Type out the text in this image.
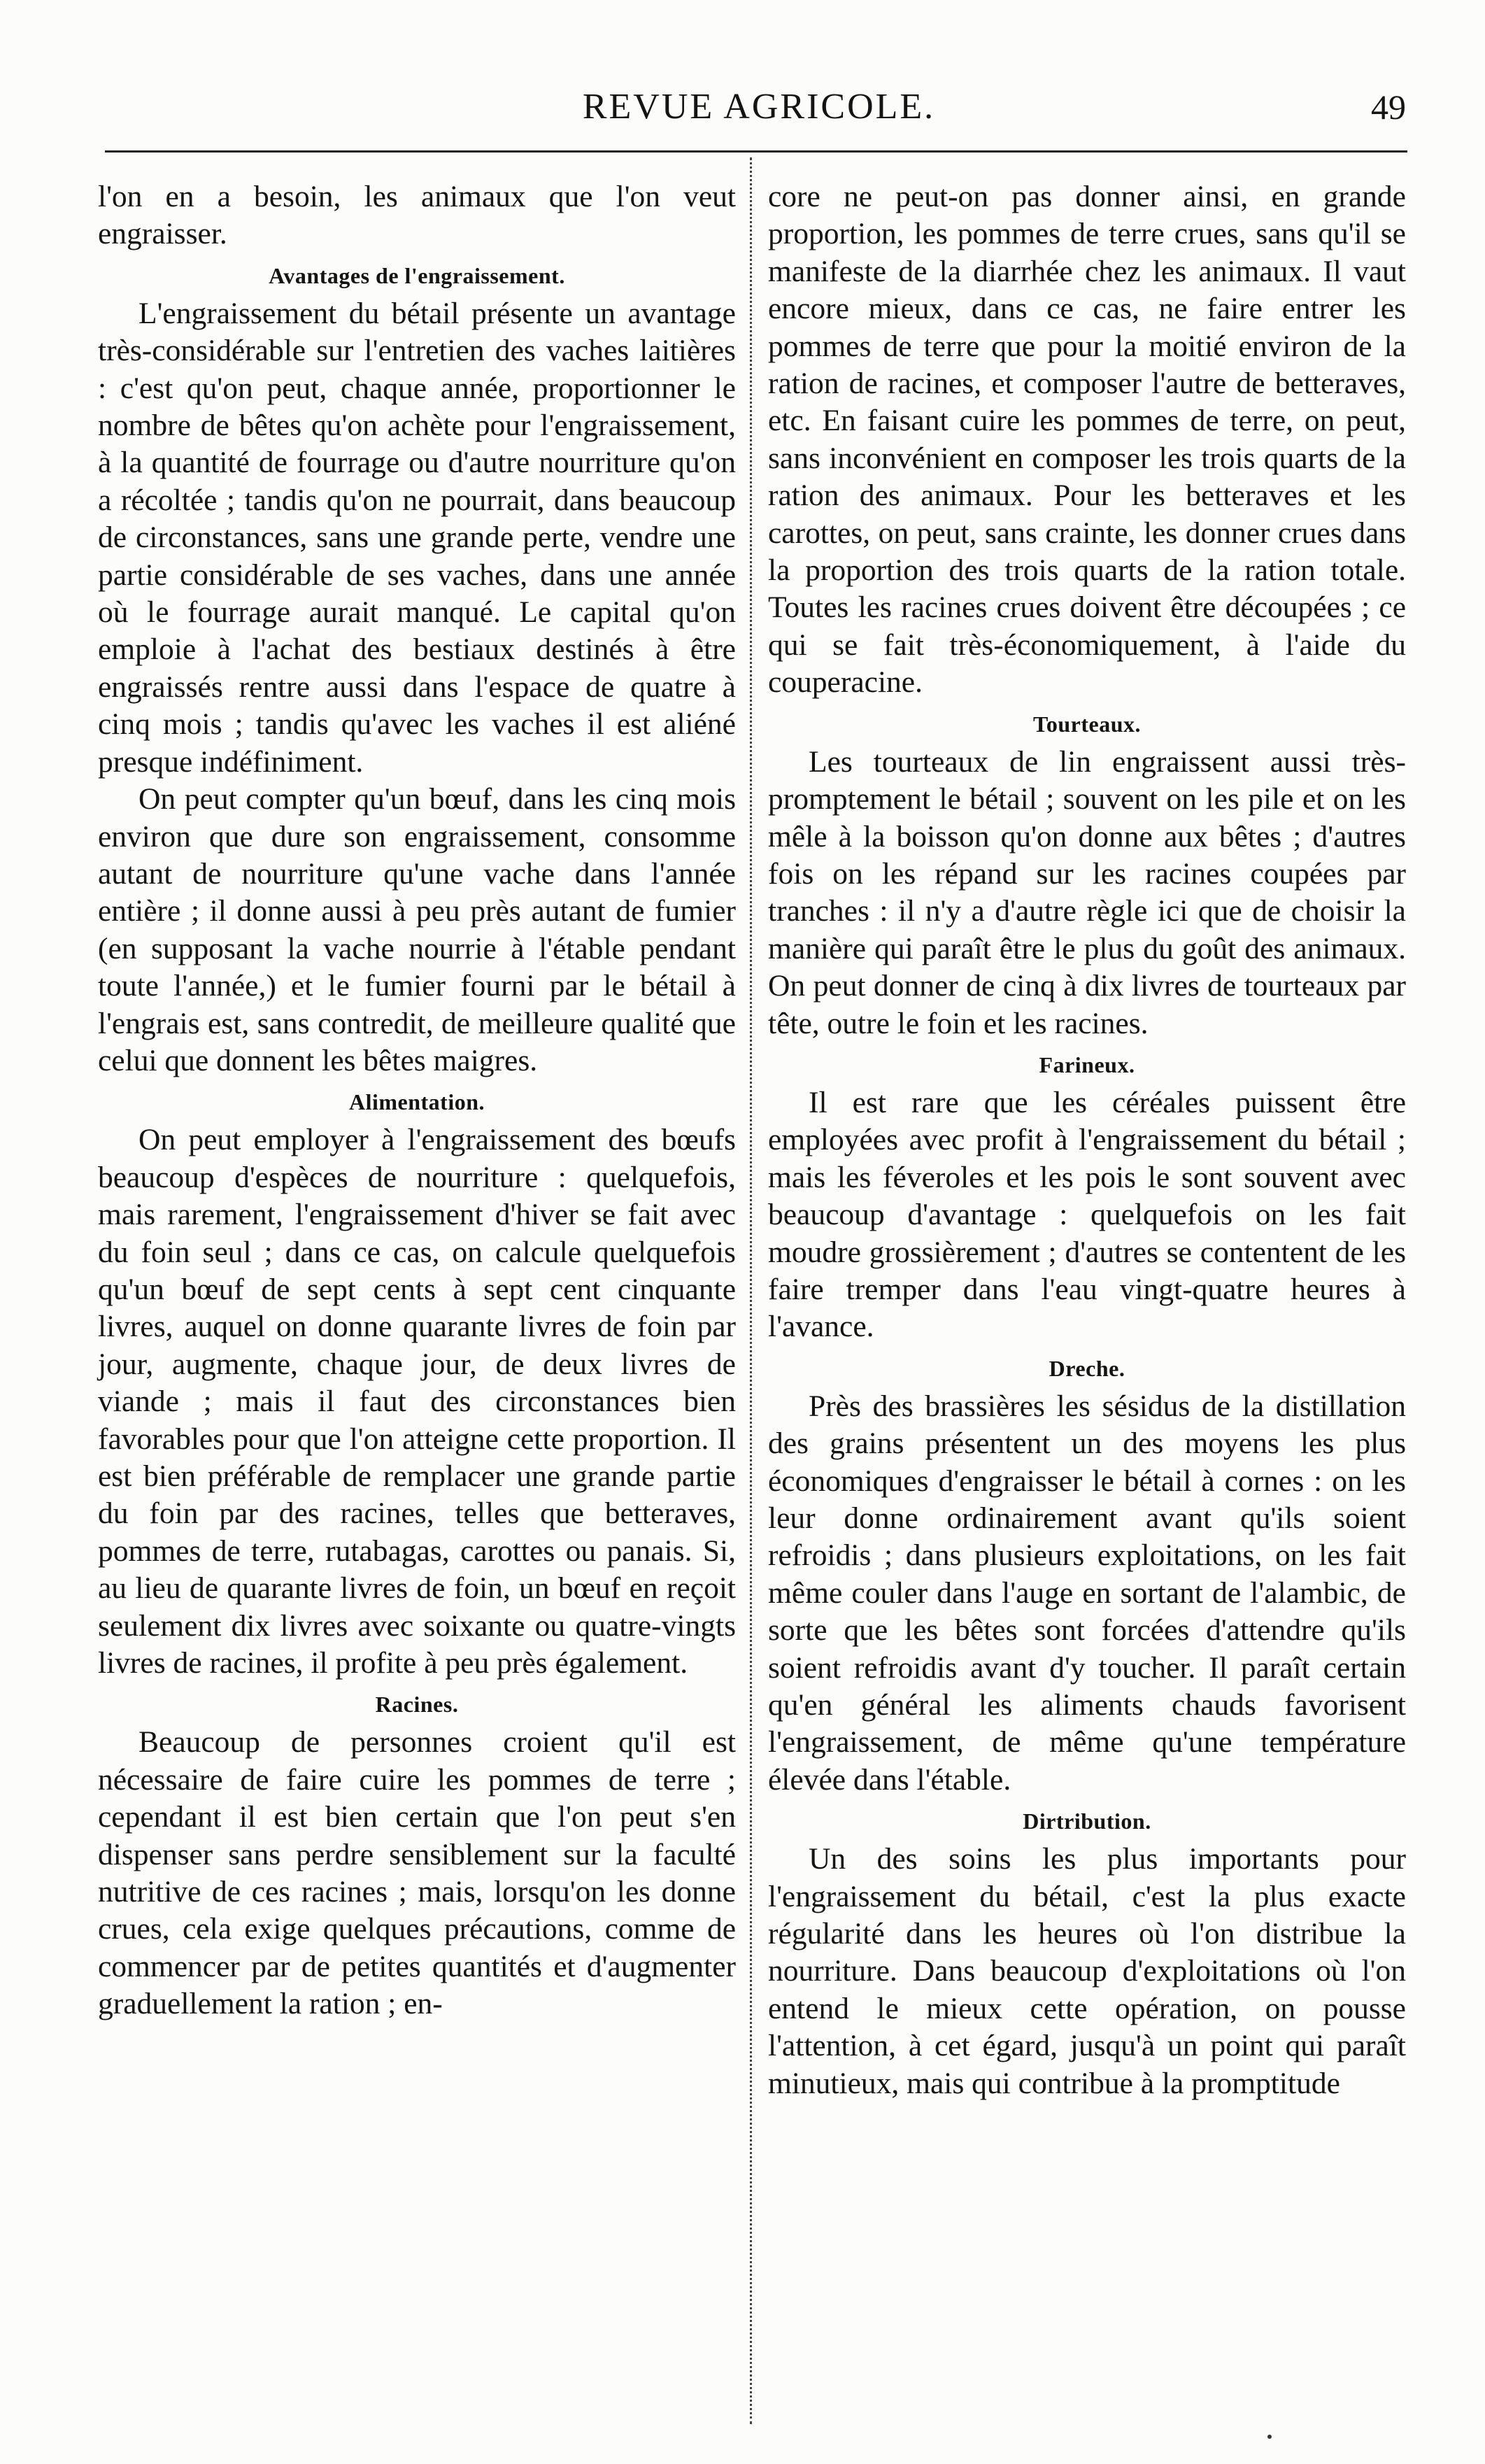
REVUE AGRICOLE.	49

l'on en a besoin, les animaux que l'on veut engraisser.

Avantages de l'engraissement.

L'engraissement du bétail présente un avantage très-considérable sur l'entretien des vaches laitières : c'est qu'on peut, chaque année, proportionner le nombre de bêtes qu'on achète pour l'engraissement, à la quantité de fourrage ou d'autre nourriture qu'on a récoltée ; tandis qu'on ne pourrait, dans beaucoup de circonstances, sans une grande perte, vendre une partie considérable de ses vaches, dans une année où le fourrage aurait manqué. Le capital qu'on emploie à l'achat des bestiaux destinés à être engraissés rentre aussi dans l'espace de quatre à cinq mois ; tandis qu'avec les vaches il est aliéné presque indéfiniment.

On peut compter qu'un bœuf, dans les cinq mois environ que dure son engraissement, consomme autant de nourriture qu'une vache dans l'année entière ; il donne aussi à peu près autant de fumier (en supposant la vache nourrie à l'étable pendant toute l'année,) et le fumier fourni par le bétail à l'engrais est, sans contredit, de meilleure qualité que celui que donnent les bêtes maigres.

Alimentation.

On peut employer à l'engraissement des bœufs beaucoup d'espèces de nourriture : quelquefois, mais rarement, l'engraissement d'hiver se fait avec du foin seul ; dans ce cas, on calcule quelquefois qu'un bœuf de sept cents à sept cent cinquante livres, auquel on donne quarante livres de foin par jour, augmente, chaque jour, de deux livres de viande ; mais il faut des circonstances bien favorables pour que l'on atteigne cette proportion. Il est bien préférable de remplacer une grande partie du foin par des racines, telles que betteraves, pommes de terre, rutabagas, carottes ou panais. Si, au lieu de quarante livres de foin, un bœuf en reçoit seulement dix livres avec soixante ou quatre-vingts livres de racines, il profite à peu près également.

Racines.

Beaucoup de personnes croient qu'il est nécessaire de faire cuire les pommes de terre ; cependant il est bien certain que l'on peut s'en dispenser sans perdre sensiblement sur la faculté nutritive de ces racines ; mais, lorsqu'on les donne crues, cela exige quelques précautions, comme de commencer par de petites quantités et d'augmenter graduellement la ration ; en-

core ne peut-on pas donner ainsi, en grande proportion, les pommes de terre crues, sans qu'il se manifeste de la diarrhée chez les animaux. Il vaut encore mieux, dans ce cas, ne faire entrer les pommes de terre que pour la moitié environ de la ration de racines, et composer l'autre de betteraves, etc. En faisant cuire les pommes de terre, on peut, sans inconvénient en composer les trois quarts de la ration des animaux. Pour les betteraves et les carottes, on peut, sans crainte, les donner crues dans la proportion des trois quarts de la ration totale. Toutes les racines crues doivent être découpées ; ce qui se fait très-économiquement, à l'aide du couperacine.

Tourteaux.

Les tourteaux de lin engraissent aussi très-promptement le bétail ; souvent on les pile et on les mêle à la boisson qu'on donne aux bêtes ; d'autres fois on les répand sur les racines coupées par tranches : il n'y a d'autre règle ici que de choisir la manière qui paraît être le plus du goût des animaux. On peut donner de cinq à dix livres de tourteaux par tête, outre le foin et les racines.

Farineux.

Il est rare que les céréales puissent être employées avec profit à l'engraissement du bétail ; mais les féveroles et les pois le sont souvent avec beaucoup d'avantage : quelquefois on les fait moudre grossièrement ; d'autres se contentent de les faire tremper dans l'eau vingt-quatre heures à l'avance.

Dreche.

Près des brassières les sésidus de la distillation des grains présentent un des moyens les plus économiques d'engraisser le bétail à cornes : on les leur donne ordinairement avant qu'ils soient refroidis ; dans plusieurs exploitations, on les fait même couler dans l'auge en sortant de l'alambic, de sorte que les bêtes sont forcées d'attendre qu'ils soient refroidis avant d'y toucher. Il paraît certain qu'en général les aliments chauds favorisent l'engraissement, de même qu'une température élevée dans l'étable.

Dirtribution.

Un des soins les plus importants pour l'engraissement du bétail, c'est la plus exacte régularité dans les heures où l'on distribue la nourriture. Dans beaucoup d'exploitations où l'on entend le mieux cette opération, on pousse l'attention, à cet égard, jusqu'à un point qui paraît minutieux, mais qui contribue à la promptitude
